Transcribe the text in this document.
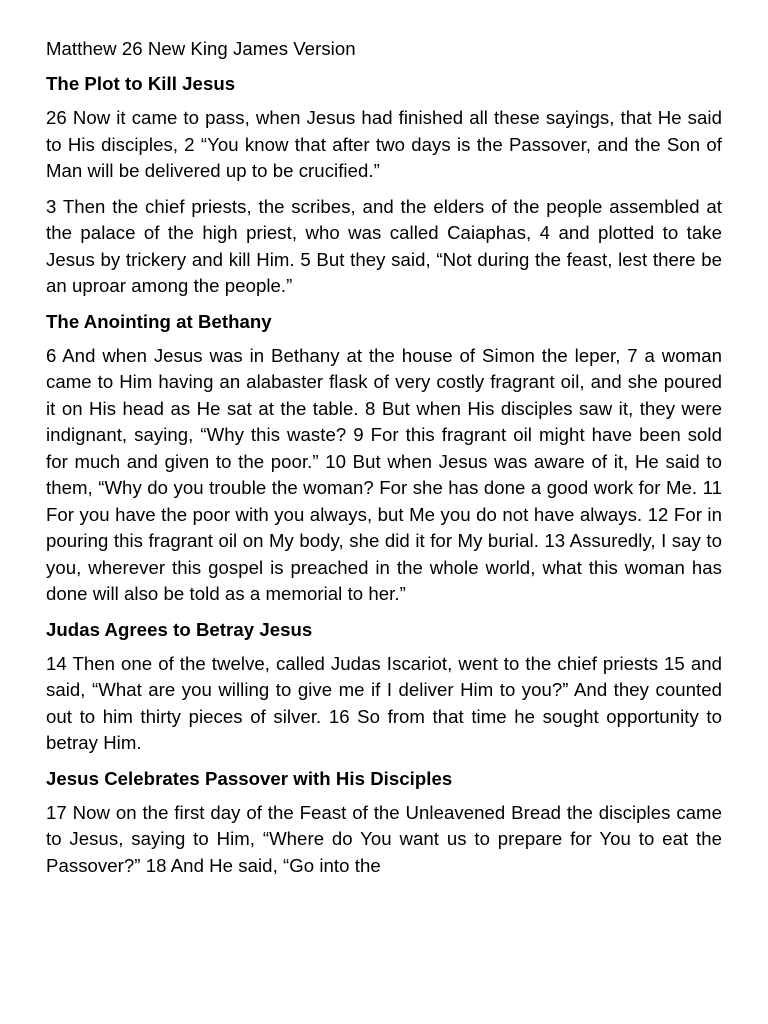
Matthew 26 New King James Version
The Plot to Kill Jesus

26 Now it came to pass, when Jesus had finished all these sayings, that He said to His disciples, 2 “You know that after two days is the Passover, and the Son of Man will be delivered up to be crucified.”

3 Then the chief priests, the scribes, and the elders of the people assembled at the palace of the high priest, who was called Caiaphas, 4 and plotted to take Jesus by trickery and kill Him. 5 But they said, “Not during the feast, lest there be an uproar among the people.”

The Anointing at Bethany

6 And when Jesus was in Bethany at the house of Simon the leper, 7 a woman came to Him having an alabaster flask of very costly fragrant oil, and she poured it on His head as He sat at the table. 8 But when His disciples saw it, they were indignant, saying, “Why this waste? 9 For this fragrant oil might have been sold for much and given to the poor.” 10 But when Jesus was aware of it, He said to them, “Why do you trouble the woman? For she has done a good work for Me. 11 For you have the poor with you always, but Me you do not have always. 12 For in pouring this fragrant oil on My body, she did it for My burial. 13 Assuredly, I say to you, wherever this gospel is preached in the whole world, what this woman has done will also be told as a memorial to her.”

Judas Agrees to Betray Jesus

14 Then one of the twelve, called Judas Iscariot, went to the chief priests 15 and said, “What are you willing to give me if I deliver Him to you?” And they counted out to him thirty pieces of silver. 16 So from that time he sought opportunity to betray Him.

Jesus Celebrates Passover with His Disciples

17 Now on the first day of the Feast of the Unleavened Bread the disciples came to Jesus, saying to Him, “Where do You want us to prepare for You to eat the Passover?” 18 And He said, “Go into the
